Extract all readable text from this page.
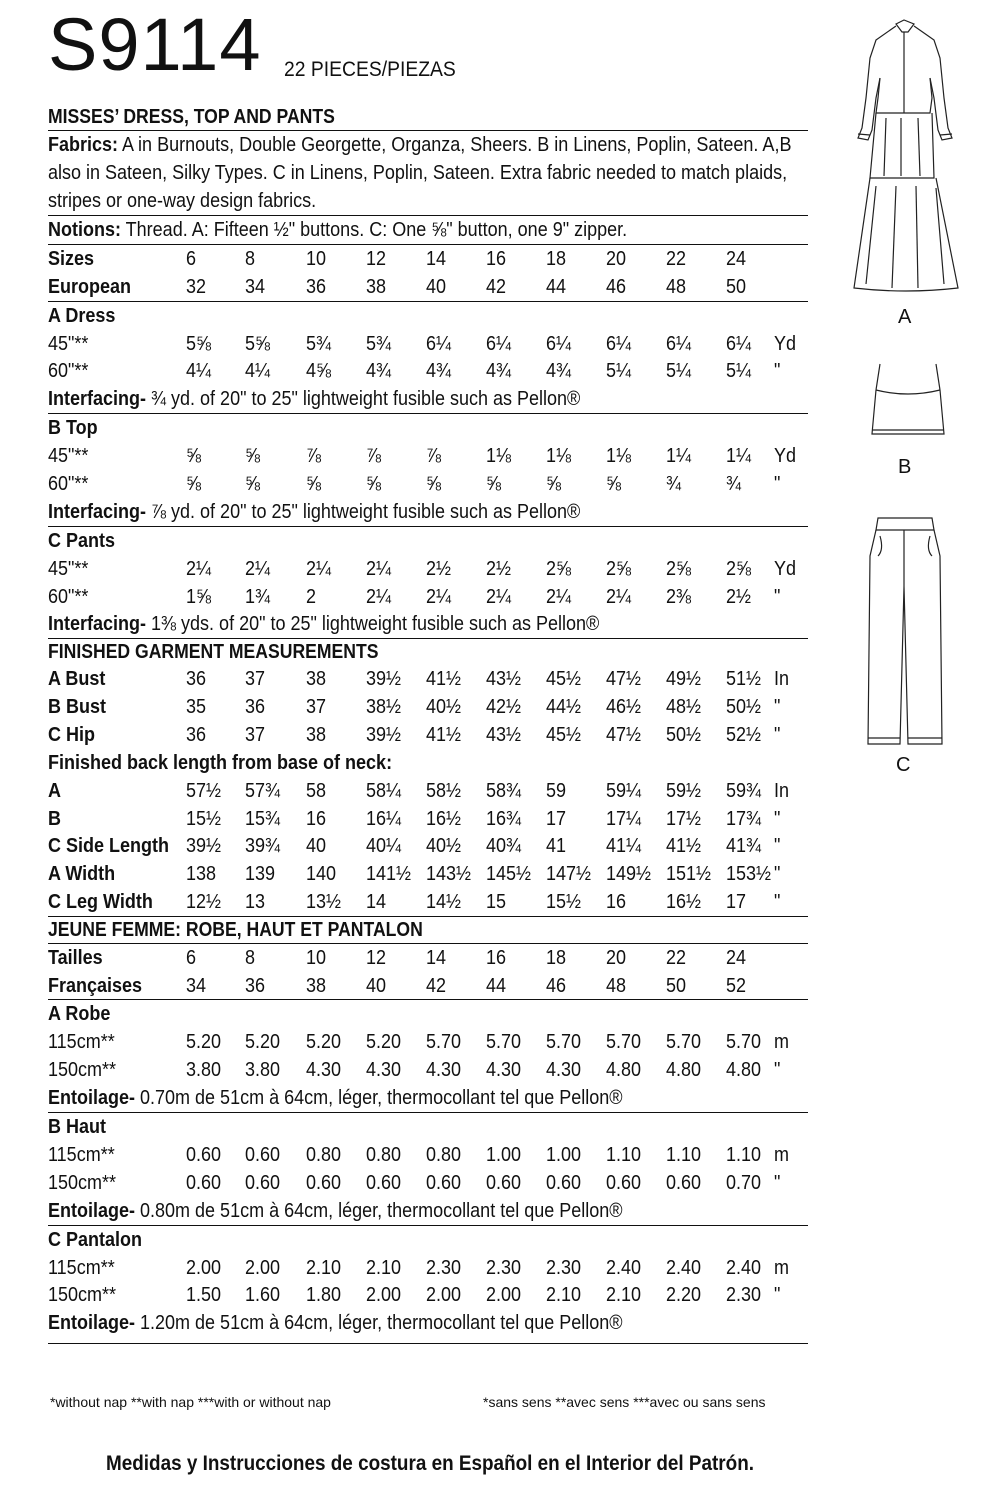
S9114 22 PIECES/PIEZAS
MISSES’ DRESS, TOP AND PANTS
Fabrics: A in Burnouts, Double Georgette, Organza, Sheers. B in Linens, Poplin, Sateen. A,B also in Sateen, Silky Types. C in Linens, Poplin, Sateen. Extra fabric needed to match plaids, stripes or one-way design fabrics.
Notions: Thread. A: Fifteen ½" buttons. C: One ⅝" button, one 9" zipper.
Sizes	6 8	10 12 14 16 18 20 22 24
European	32 34 36 38 40 42 44 46 48 50
A Dress
45"**	5⅝ 5⅝ 5¾ 5¾ 6¼ 6¼ 6¼ 6¼ 6¼ 6¼ Yd
60"**	4¼ 4¼ 4⅝ 4¾ 4¾ 4¾ 4¾ 5¼ 5¼ 5¼ "
Interfacing- ¾ yd. of 20" to 25" lightweight fusible such as Pellon®
B Top
45"**	⅝ ⅝ ⅞ ⅞ ⅞ 1⅛ 1⅛ 1⅛ 1¼ 1¼ Yd
60"**	⅝ ⅝ ⅝ ⅝ ⅝ ⅝ ⅝ ⅝ ¾ ¾ "
Interfacing- ⅞ yd. of 20" to 25" lightweight fusible such as Pellon®
C Pants
45"**	2¼ 2¼ 2¼ 2¼ 2½ 2½ 2⅝ 2⅝ 2⅝ 2⅝ Yd
60"**	1⅝ 1¾ 2 2¼ 2¼ 2¼ 2¼ 2¼ 2⅜ 2½ "
Interfacing- 1⅜ yds. of 20" to 25" lightweight fusible such as Pellon®
FINISHED GARMENT MEASUREMENTS
A Bust	36 37 38 39½ 41½ 43½ 45½ 47½ 49½ 51½ In
B Bust	35 36 37 38½ 40½ 42½ 44½ 46½ 48½ 50½ "
C Hip	36 37 38 39½ 41½ 43½ 45½ 47½ 50½ 52½ "
Finished back length from base of neck:
A	57½ 57¾ 58 58¼ 58½ 58¾ 59 59¼ 59½ 59¾ In
B	15½ 15¾ 16 16¼ 16½ 16¾ 17 17¼ 17½ 17¾ "
C Side Length 39½ 39¾ 40 40¼ 40½ 40¾ 41 41¼ 41½ 41¾ "
A Width	138 139 140 141½ 143½ 145½ 147½ 149½ 151½ 153½ "
C Leg Width 12½ 13 13½ 14 14½ 15 15½ 16 16½ 17 "
JEUNE FEMME: ROBE, HAUT ET PANTALON
Tailles	6 8	10 12 14 16 18 20 22 24
Françaises 34 36 38 40 42 44 46 48 50 52
A Robe
115cm**	5.20 5.20 5.20 5.20 5.70 5.70 5.70 5.70 5.70 5.70 m
150cm**	3.80 3.80 4.30 4.30 4.30 4.30 4.30 4.80 4.80 4.80 "
Entoilage- 0.70m de 51cm à 64cm, léger, thermocollant tel que Pellon®
B Haut
115cm**	0.60 0.60 0.80 0.80 0.80 1.00 1.00 1.10 1.10 1.10 m
150cm**	0.60 0.60 0.60 0.60 0.60 0.60 0.60 0.60 0.60 0.70 "
Entoilage- 0.80m de 51cm à 64cm, léger, thermocollant tel que Pellon®
C Pantalon
115cm**	2.00 2.00 2.10 2.10 2.30 2.30 2.30 2.40 2.40 2.40 m
150cm**	1.50 1.60 1.80 2.00 2.00 2.00 2.10 2.10 2.20 2.30 "
Entoilage- 1.20m de 51cm à 64cm, léger, thermocollant tel que Pellon®
*without nap **with nap ***with or without nap	*sans sens **avec sens ***avec ou sans sens
Medidas y Instrucciones de costura en Español en el Interior del Patrón.
A
B
C
